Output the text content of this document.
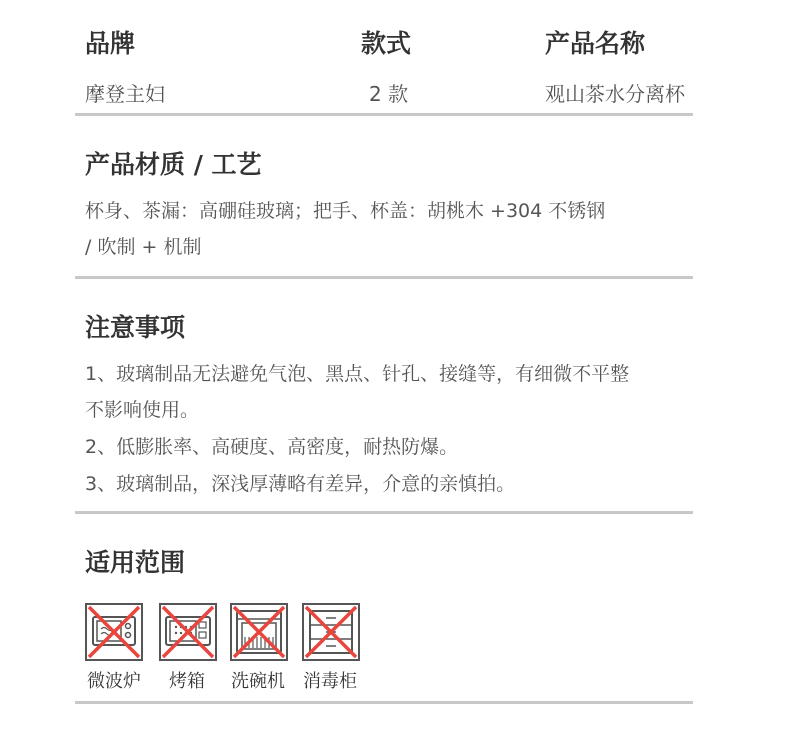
品牌	款式	产品名称
摩登主妇	2 款	观山茶水分离杯
产品材质 / 工艺
杯身、茶漏：高硼硅玻璃；把手、杯盖：胡桃木 +304 不锈钢
/ 吹制 + 机制
注意事项
1、玻璃制品无法避免气泡、黑点、针孔、接缝等，有细微不平整
不影响使用。
2、低膨胀率、高硬度、高密度，耐热防爆。
3、玻璃制品，深浅厚薄略有差异，介意的亲慎拍。
适用范围
微波炉 烤箱 洗碗机 消毒柜
